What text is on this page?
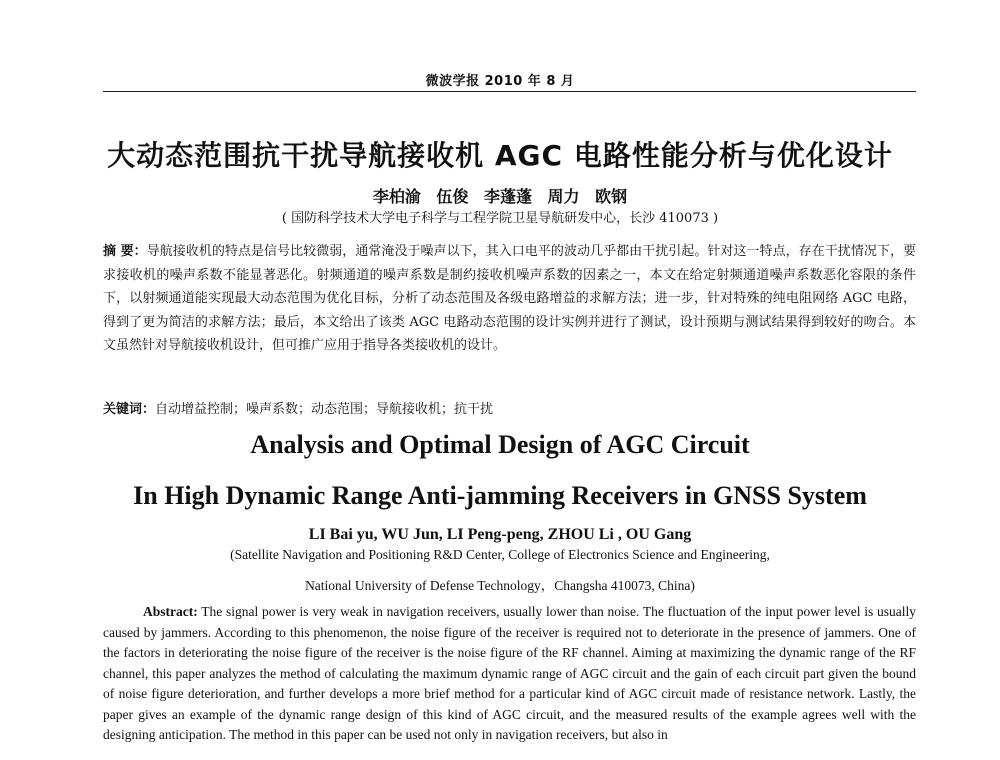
微波学报 2010 年 8 月
大动态范围抗干扰导航接收机 AGC 电路性能分析与优化设计
李柏渝 伍俊 李蓬蓬 周力 欧钢
( 国防科学技术大学电子科学与工程学院卫星导航研发中心，长沙 410073 )
摘 要：导航接收机的特点是信号比较微弱，通常淹没于噪声以下，其入口电平的波动几乎都由干扰引起。针对这一特点，存在干扰情况下，要求接收机的噪声系数不能显著恶化。射频通道的噪声系数是制约接收机噪声系数的因素之一，本文在给定射频通道噪声系数恶化容限的条件下，以射频通道能实现最大动态范围为优化目标，分析了动态范围及各级电路增益的求解方法；进一步，针对特殊的纯电阻网络 AGC 电路，得到了更为简洁的求解方法；最后，本文给出了该类 AGC 电路动态范围的设计实例并进行了测试，设计预期与测试结果得到较好的吻合。本文虽然针对导航接收机设计，但可推广应用于指导各类接收机的设计。
关键词：自动增益控制；噪声系数；动态范围；导航接收机；抗干扰
Analysis and Optimal Design of AGC Circuit
In High Dynamic Range Anti-jamming Receivers in GNSS System
LI Bai yu, WU Jun, LI Peng-peng, ZHOU Li , OU Gang
(Satellite Navigation and Positioning R&D Center, College of Electronics Science and Engineering,
National University of Defense Technology，Changsha 410073, China)
Abstract: The signal power is very weak in navigation receivers, usually lower than noise. The fluctuation of the input power level is usually caused by jammers. According to this phenomenon, the noise figure of the receiver is required not to deteriorate in the presence of jammers. One of the factors in deteriorating the noise figure of the receiver is the noise figure of the RF channel. Aiming at maximizing the dynamic range of the RF channel, this paper analyzes the method of calculating the maximum dynamic range of AGC circuit and the gain of each circuit part given the bound of noise figure deterioration, and further develops a more brief method for a particular kind of AGC circuit made of resistance network. Lastly, the paper gives an example of the dynamic range design of this kind of AGC circuit, and the measured results of the example agrees well with the designing anticipation. The method in this paper can be used not only in navigation receivers, but also in
